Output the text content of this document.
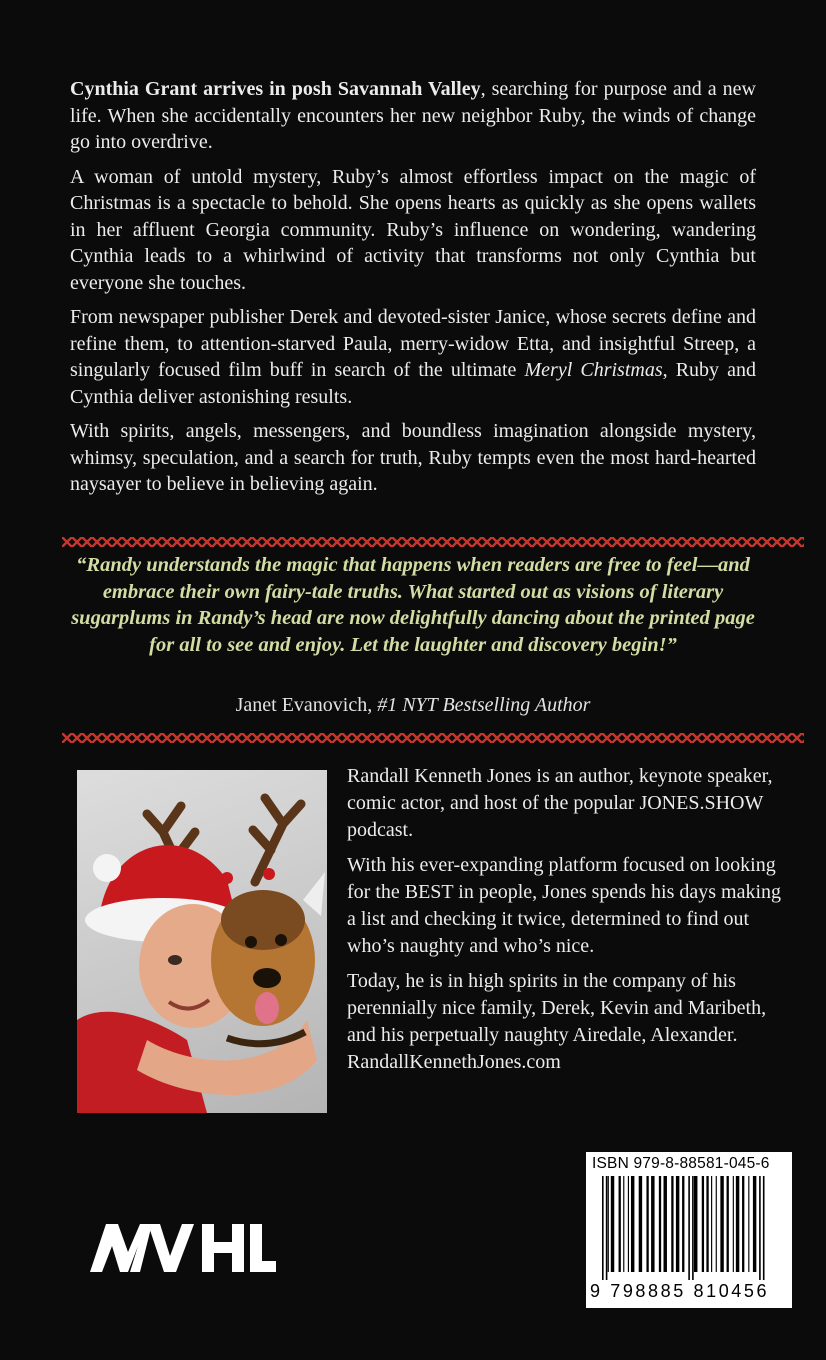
Cynthia Grant arrives in posh Savannah Valley, searching for purpose and a new life. When she accidentally encounters her new neighbor Ruby, the winds of change go into overdrive.

A woman of untold mystery, Ruby’s almost effortless impact on the magic of Christmas is a spectacle to behold. She opens hearts as quickly as she opens wallets in her affluent Georgia community. Ruby’s influence on wondering, wandering Cynthia leads to a whirlwind of activity that transforms not only Cynthia but everyone she touches.

From newspaper publisher Derek and devoted-sister Janice, whose secrets define and refine them, to attention-starved Paula, merry-widow Etta, and insightful Streep, a singularly focused film buff in search of the ultimate Meryl Christmas, Ruby and Cynthia deliver astonishing results.

With spirits, angels, messengers, and boundless imagination alongside mystery, whimsy, speculation, and a search for truth, Ruby tempts even the most hard-hearted naysayer to believe in believing again.

“Randy understands the magic that happens when readers are free to feel—and embrace their own fairy-tale truths. What started out as visions of literary sugarplums in Randy’s head are now delightfully dancing about the printed page for all to see and enjoy. Let the laughter and discovery begin!”
Janet Evanovich, #1 NYT Bestselling Author

Randall Kenneth Jones is an author, keynote speaker, comic actor, and host of the popular JONES.SHOW podcast.

With his ever-expanding platform focused on looking for the BEST in people, Jones spends his days making a list and checking it twice, determined to find out who’s naughty and who’s nice.

Today, he is in high spirits in the company of his perennially nice family, Derek, Kevin and Maribeth, and his perpetually naughty Airedale, Alexander. RandallKennethJones.com

ISBN 979-8-88581-045-6
9 798885 810456
